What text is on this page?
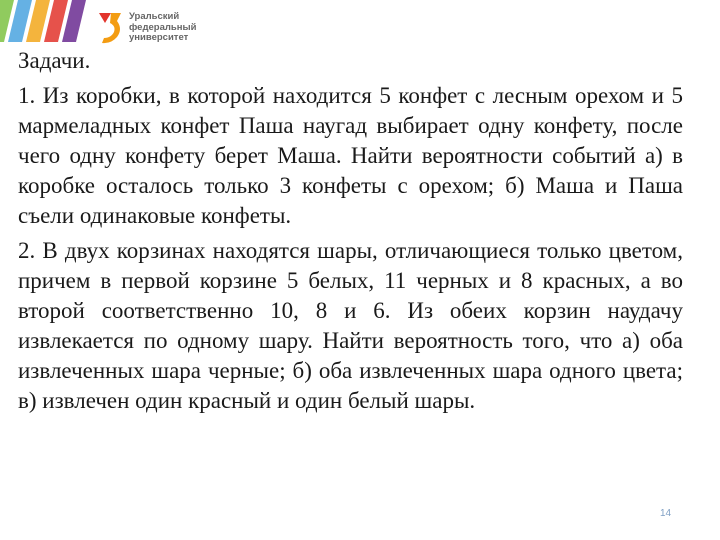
Уральский
федеральный
университет

Задачи.

1. Из коробки, в которой находится 5 конфет с лесным орехом и 5 мармеладных конфет Паша наугад выбирает одну конфету, после чего одну конфету берет Маша. Найти вероятности событий а) в коробке осталось только 3 конфеты с орехом; б) Маша и Паша съели одинаковые конфеты.

2. В двух корзинах находятся шары, отличающиеся только цветом, причем в первой корзине 5 белых, 11 черных и 8 красных, а во второй соответственно 10, 8 и 6. Из обеих корзин наудачу извлекается по одному шару. Найти вероятность того, что а) оба извлеченных шара черные; б) оба извлеченных шара одного цвета; в) извлечен один красный и один белый шары.

14
